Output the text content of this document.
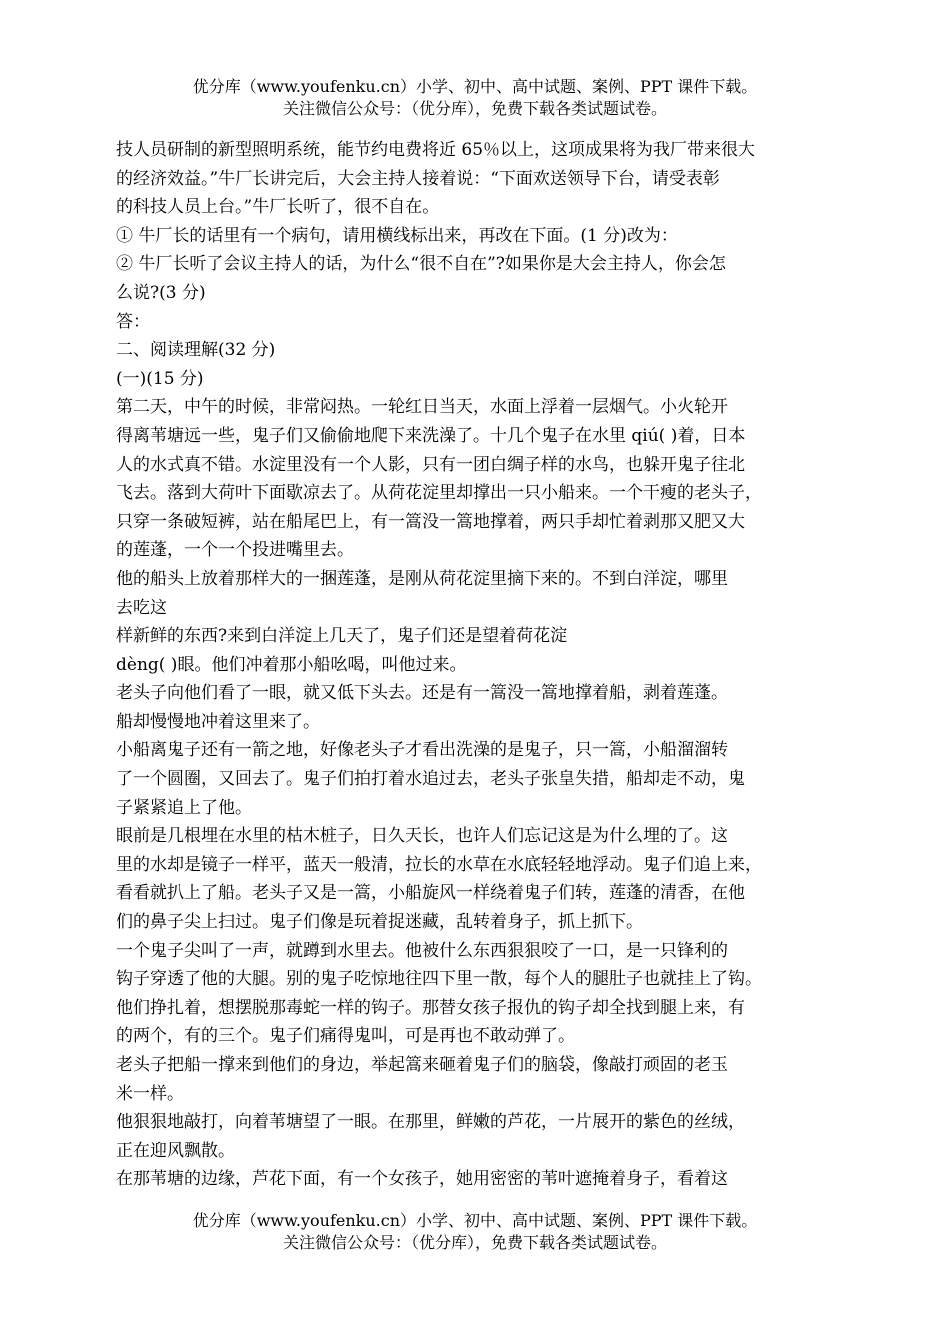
优分库（www.youfenku.cn）小学、初中、高中试题、案例、PPT 课件下载。
关注微信公众号：（优分库），免费下载各类试题试卷。

技人员研制的新型照明系统，能节约电费将近 65％以上，这项成果将为我厂带来很大

的经济效益。”牛厂长讲完后，大会主持人接着说：“下面欢送领导下台，请受表彰

的科技人员上台。”牛厂长听了，很不自在。

① 牛厂长的话里有一个病句，请用横线标出来，再改在下面。(1 分)改为：

② 牛厂长听了会议主持人的话，为什么“很不自在”?如果你是大会主持人，你会怎

么说?(3 分)

答：

二、阅读理解(32 分)

(一)(15 分)

第二天，中午的时候，非常闷热。一轮红日当天，水面上浮着一层烟气。小火轮开

得离苇塘远一些，鬼子们又偷偷地爬下来洗澡了。十几个鬼子在水里 qiú( )着，日本

人的水式真不错。水淀里没有一个人影，只有一团白绸子样的水鸟，也躲开鬼子往北

飞去。落到大荷叶下面歇凉去了。从荷花淀里却撑出一只小船来。一个干瘦的老头子，

只穿一条破短裤，站在船尾巴上，有一篙没一篙地撑着，两只手却忙着剥那又肥又大

的莲蓬，一个一个投进嘴里去。

他的船头上放着那样大的一捆莲蓬，是刚从荷花淀里摘下来的。不到白洋淀，哪里

去吃这

样新鲜的东西?来到白洋淀上几天了，鬼子们还是望着荷花淀

dèng( )眼。他们冲着那小船吆喝，叫他过来。

老头子向他们看了一眼，就又低下头去。还是有一篙没一篙地撑着船，剥着莲蓬。

船却慢慢地冲着这里来了。

小船离鬼子还有一箭之地，好像老头子才看出洗澡的是鬼子，只一篙，小船溜溜转

了一个圆圈，又回去了。鬼子们拍打着水追过去，老头子张皇失措，船却走不动，鬼

子紧紧追上了他。

眼前是几根埋在水里的枯木桩子，日久天长，也许人们忘记这是为什么埋的了。这

里的水却是镜子一样平，蓝天一般清，拉长的水草在水底轻轻地浮动。鬼子们追上来，

看看就扒上了船。老头子又是一篙，小船旋风一样绕着鬼子们转，莲蓬的清香，在他

们的鼻子尖上扫过。鬼子们像是玩着捉迷藏，乱转着身子，抓上抓下。

一个鬼子尖叫了一声，就蹲到水里去。他被什么东西狠狠咬了一口，是一只锋利的

钩子穿透了他的大腿。别的鬼子吃惊地往四下里一散，每个人的腿肚子也就挂上了钩。

他们挣扎着，想摆脱那毒蛇一样的钩子。那替女孩子报仇的钩子却全找到腿上来，有

的两个，有的三个。鬼子们痛得鬼叫，可是再也不敢动弹了。

老头子把船一撑来到他们的身边，举起篙来砸着鬼子们的脑袋，像敲打顽固的老玉

米一样。

他狠狠地敲打，向着苇塘望了一眼。在那里，鲜嫩的芦花，一片展开的紫色的丝绒，

正在迎风飘散。

在那苇塘的边缘，芦花下面，有一个女孩子，她用密密的苇叶遮掩着身子，看着这

优分库（www.youfenku.cn）小学、初中、高中试题、案例、PPT 课件下载。
关注微信公众号：（优分库），免费下载各类试题试卷。
